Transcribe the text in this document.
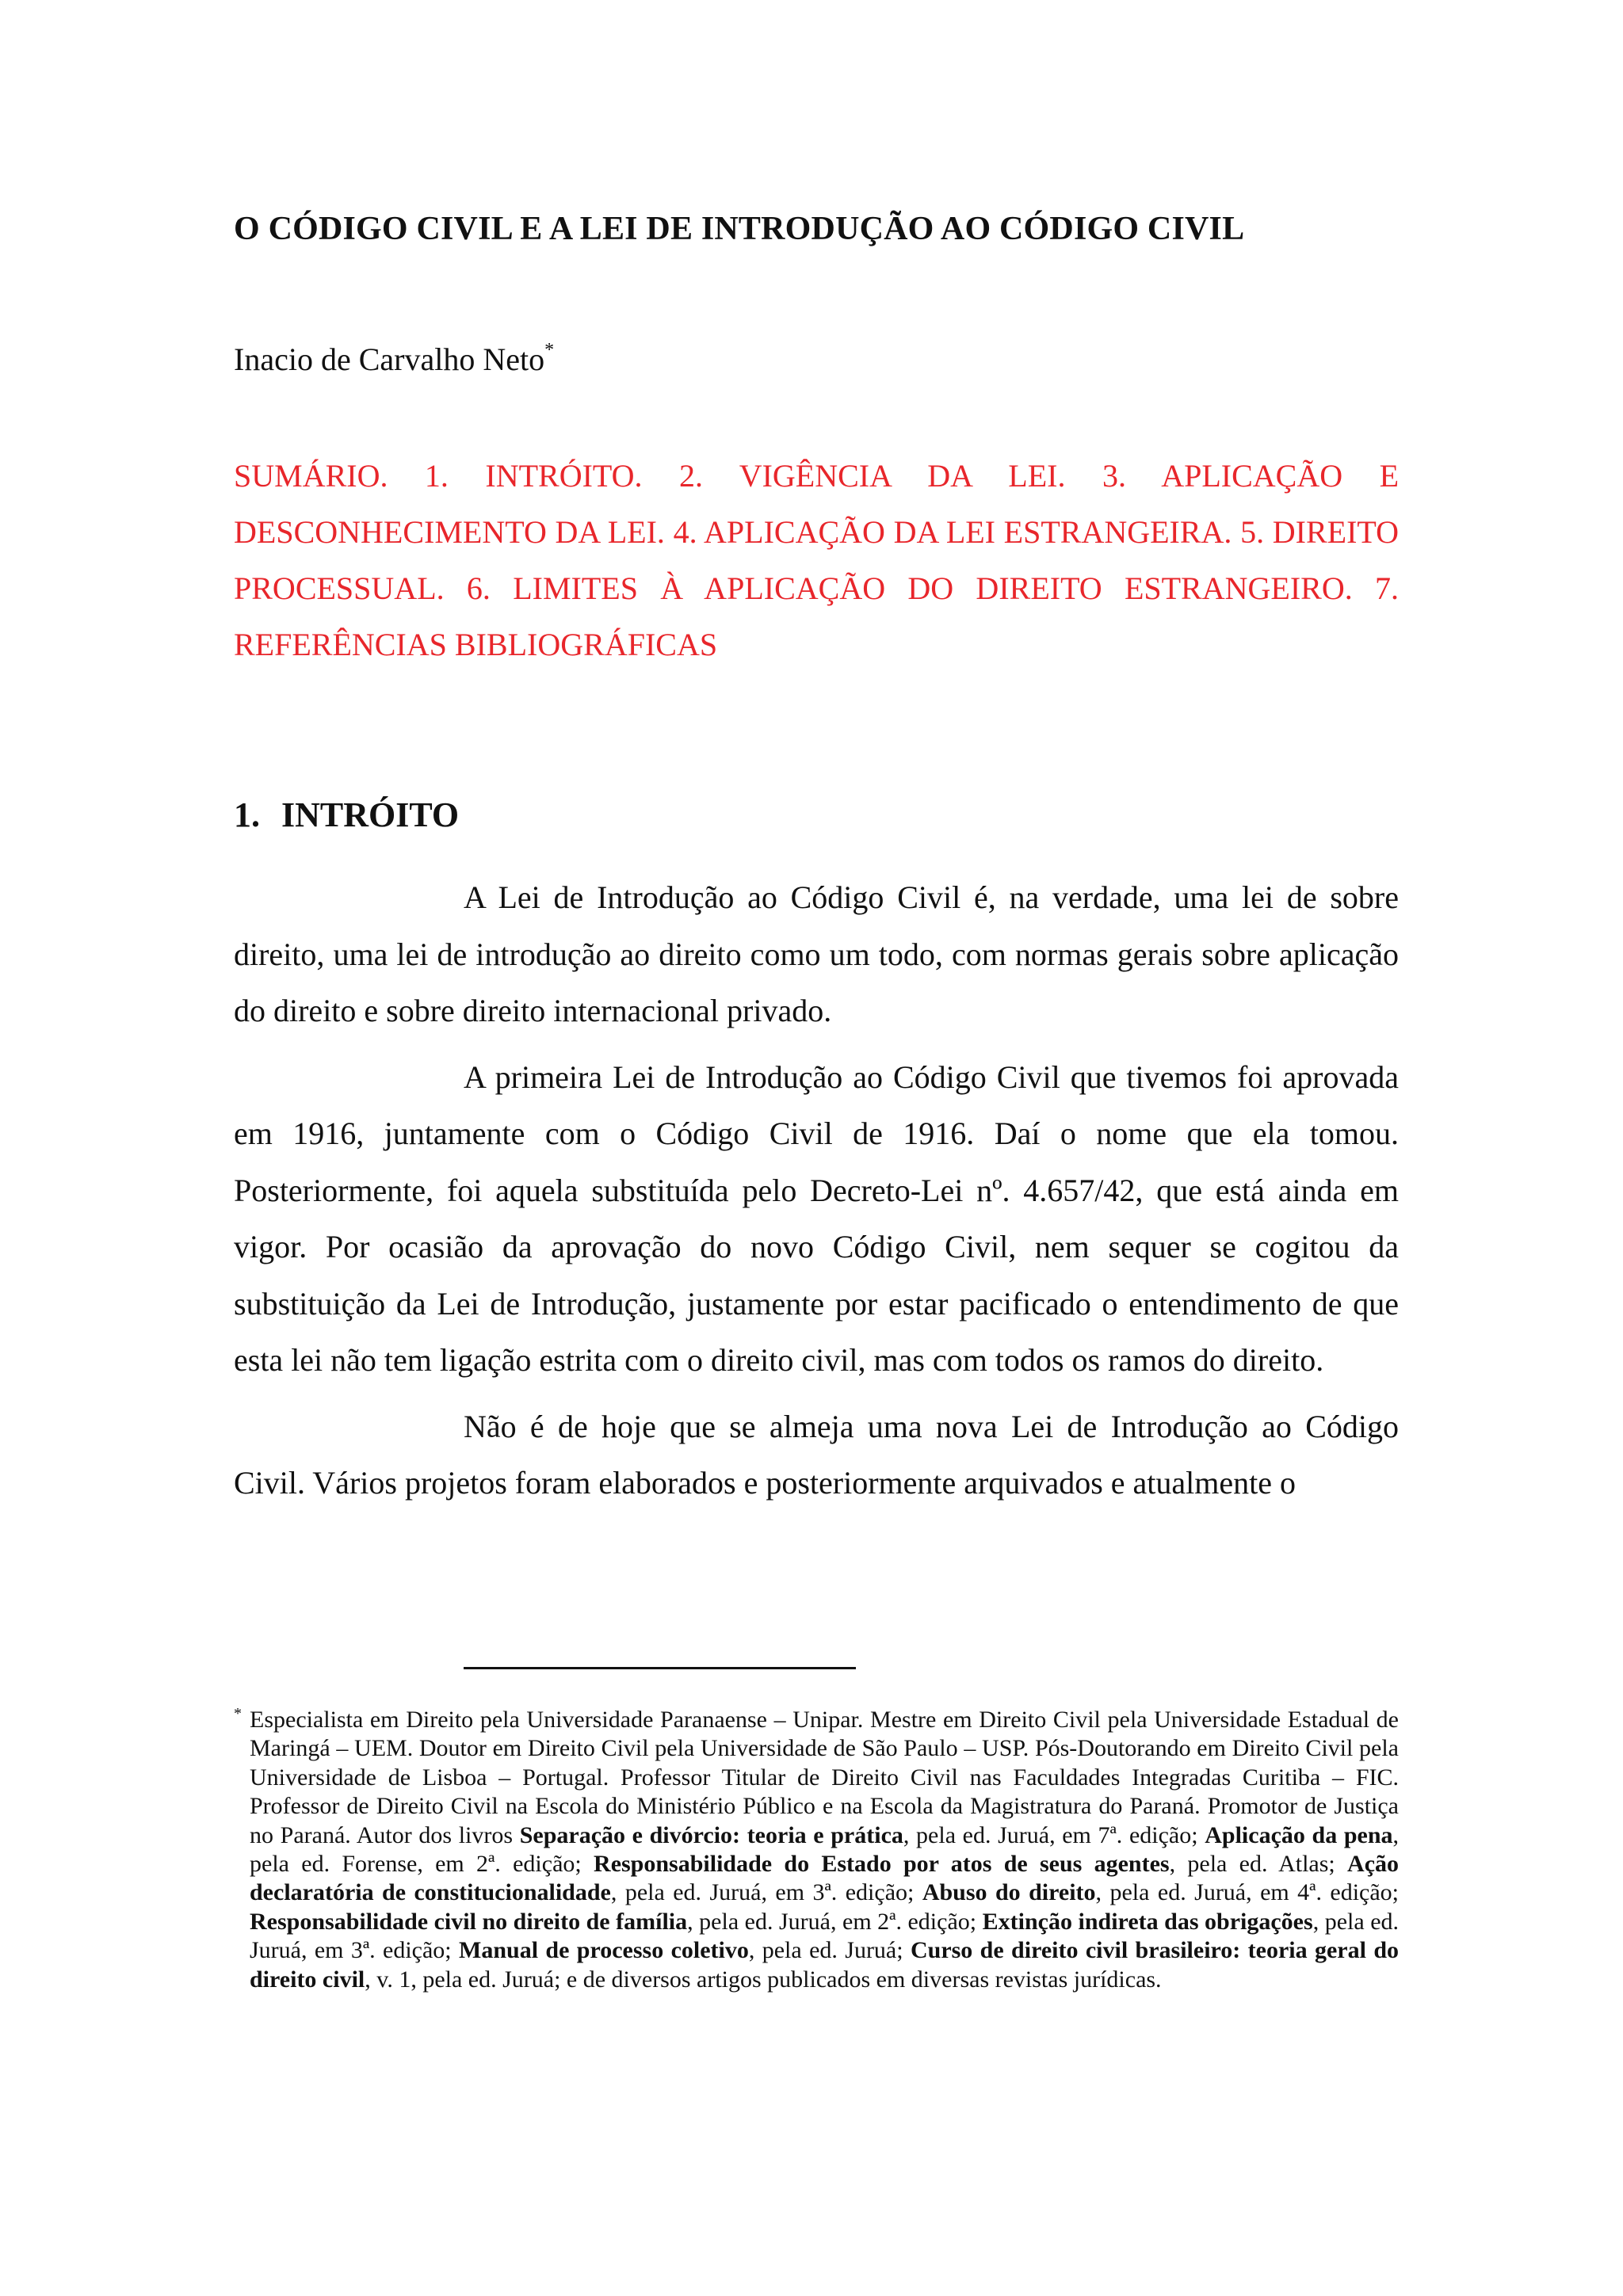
O CÓDIGO CIVIL E A LEI DE INTRODUÇÃO AO CÓDIGO CIVIL

Inacio de Carvalho Neto*

SUMÁRIO. 1. INTRÓITO. 2. VIGÊNCIA DA LEI. 3. APLICAÇÃO E DESCONHECIMENTO DA LEI. 4. APLICAÇÃO DA LEI ESTRANGEIRA. 5. DIREITO PROCESSUAL. 6. LIMITES À APLICAÇÃO DO DIREITO ESTRANGEIRO. 7. REFERÊNCIAS BIBLIOGRÁFICAS

1. INTRÓITO

A Lei de Introdução ao Código Civil é, na verdade, uma lei de sobre direito, uma lei de introdução ao direito como um todo, com normas gerais sobre aplicação do direito e sobre direito internacional privado.

A primeira Lei de Introdução ao Código Civil que tivemos foi aprovada em 1916, juntamente com o Código Civil de 1916. Daí o nome que ela tomou. Posteriormente, foi aquela substituída pelo Decreto-Lei nº. 4.657/42, que está ainda em vigor. Por ocasião da aprovação do novo Código Civil, nem sequer se cogitou da substituição da Lei de Introdução, justamente por estar pacificado o entendimento de que esta lei não tem ligação estrita com o direito civil, mas com todos os ramos do direito.

Não é de hoje que se almeja uma nova Lei de Introdução ao Código Civil. Vários projetos foram elaborados e posteriormente arquivados e atualmente o

* Especialista em Direito pela Universidade Paranaense – Unipar. Mestre em Direito Civil pela Universidade Estadual de Maringá – UEM. Doutor em Direito Civil pela Universidade de São Paulo – USP. Pós-Doutorando em Direito Civil pela Universidade de Lisboa – Portugal. Professor Titular de Direito Civil nas Faculdades Integradas Curitiba – FIC. Professor de Direito Civil na Escola do Ministério Público e na Escola da Magistratura do Paraná. Promotor de Justiça no Paraná. Autor dos livros Separação e divórcio: teoria e prática, pela ed. Juruá, em 7ª. edição; Aplicação da pena, pela ed. Forense, em 2ª. edição; Responsabilidade do Estado por atos de seus agentes, pela ed. Atlas; Ação declaratória de constitucionalidade, pela ed. Juruá, em 3ª. edição; Abuso do direito, pela ed. Juruá, em 4ª. edição; Responsabilidade civil no direito de família, pela ed. Juruá, em 2ª. edição; Extinção indireta das obrigações, pela ed. Juruá, em 3ª. edição; Manual de processo coletivo, pela ed. Juruá; Curso de direito civil brasileiro: teoria geral do direito civil, v. 1, pela ed. Juruá; e de diversos artigos publicados em diversas revistas jurídicas.
